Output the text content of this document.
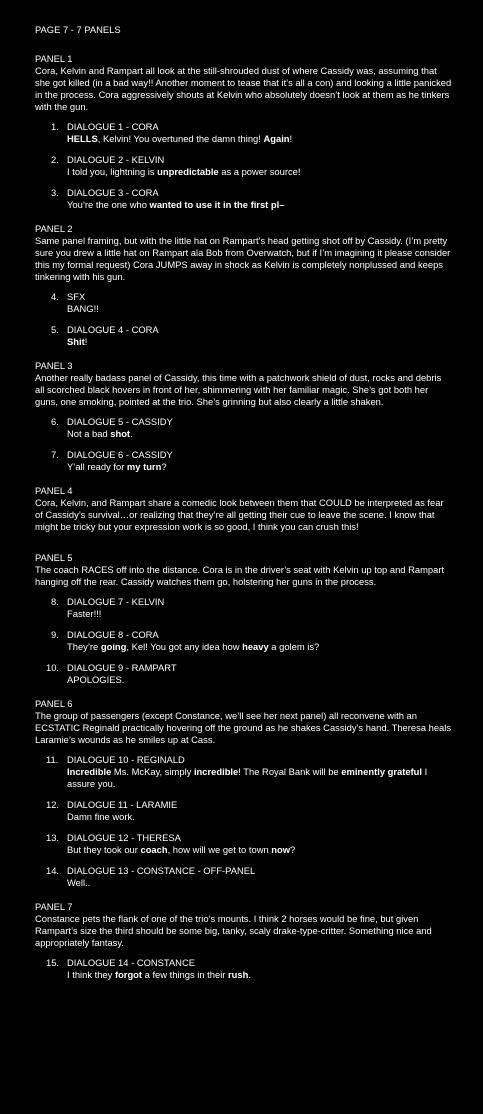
PAGE 7 - 7 PANELS
PANEL 1
Cora, Kelvin and Rampart all look at the still-shrouded dust of where Cassidy was, assuming that she got killed (in a bad way!! Another moment to tease that it’s all a con) and looking a little panicked in the process. Cora aggressively shouts at Kelvin who absolutely doesn’t look at them as he tinkers with the gun.
1. DIALOGUE 1 - CORA
HELLS, Kelvin! You overtuned the damn thing! Again!
2. DIALOGUE 2 - KELVIN
I told you, lightning is unpredictable as a power source!
3. DIALOGUE 3 - CORA
You’re the one who wanted to use it in the first pl–
PANEL 2
Same panel framing, but with the little hat on Rampart’s head getting shot off by Cassidy. (I’m pretty sure you drew a little hat on Rampart ala Bob from Overwatch, but if I’m imagining it please consider this my formal request) Cora JUMPS away in shock as Kelvin is completely nonplussed and keeps tinkering with his gun.
4. SFX
BANG!!
5. DIALOGUE 4 - CORA
Shit!
PANEL 3
Another really badass panel of Cassidy, this time with a patchwork shield of dust, rocks and debris all scorched black hovers in front of her, shimmering with her familiar magic. She’s got both her guns, one smoking, pointed at the trio. She’s grinning but also clearly a little shaken.
6. DIALOGUE 5 - CASSIDY
Not a bad shot.
7. DIALOGUE 6 - CASSIDY
Y’all ready for my turn?
PANEL 4
Cora, Kelvin, and Rampart share a comedic look between them that COULD be interpreted as fear of Cassidy’s survival…or realizing that they’re all getting their cue to leave the scene. I know that might be tricky but your expression work is so good, I think you can crush this!
PANEL 5
The coach RACES off into the distance. Cora is in the driver’s seat with Kelvin up top and Rampart hanging off the rear. Cassidy watches them go, holstering her guns in the process.
8. DIALOGUE 7 - KELVIN
Faster!!!
9. DIALOGUE 8 - CORA
They’re going, Kel! You got any idea how heavy a golem is?
10. DIALOGUE 9 - RAMPART
APOLOGIES.
PANEL 6
The group of passengers (except Constance, we’ll see her next panel) all reconvene with an ECSTATIC Reginald practically hovering off the ground as he shakes Cassidy’s hand. Theresa heals Laramie’s wounds as he smiles up at Cass.
11. DIALOGUE 10 - REGINALD
Incredible Ms. McKay, simply incredible! The Royal Bank will be eminently grateful I assure you.
12. DIALOGUE 11 - LARAMIE
Damn fine work.
13. DIALOGUE 12 - THERESA
But they took our coach, how will we get to town now?
14. DIALOGUE 13 - CONSTANCE - OFF-PANEL
Well..
PANEL 7
Constance pets the flank of one of the trio’s mounts. I think 2 horses would be fine, but given Rampart’s size the third should be some big, tanky, scaly drake-type-critter. Something nice and appropriately fantasy.
15. DIALOGUE 14 - CONSTANCE
I think they forgot a few things in their rush.
